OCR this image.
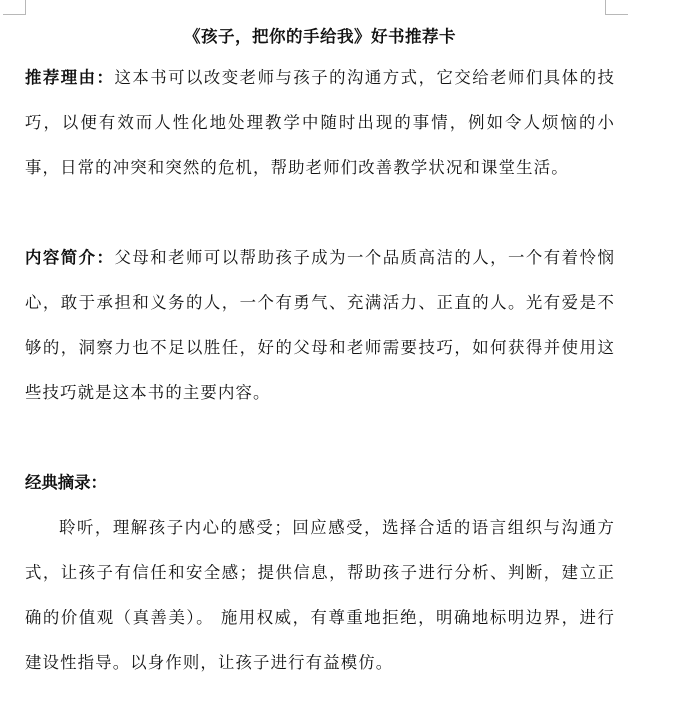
《孩子，把你的手给我》好书推荐卡

推荐理由：这本书可以改变老师与孩子的沟通方式，它交给老师们具体的技巧，以便有效而人性化地处理教学中随时出现的事情，例如令人烦恼的小事，日常的冲突和突然的危机，帮助老师们改善教学状况和课堂生活。

内容简介：父母和老师可以帮助孩子成为一个品质高洁的人，一个有着怜悯心，敢于承担和义务的人，一个有勇气、充满活力、正直的人。光有爱是不够的，洞察力也不足以胜任，好的父母和老师需要技巧，如何获得并使用这些技巧就是这本书的主要内容。

经典摘录：

聆听，理解孩子内心的感受；回应感受，选择合适的语言组织与沟通方式，让孩子有信任和安全感；提供信息，帮助孩子进行分析、判断，建立正确的价值观（真善美）。 施用权威，有尊重地拒绝，明确地标明边界，进行建设性指导。以身作则，让孩子进行有益模仿。
